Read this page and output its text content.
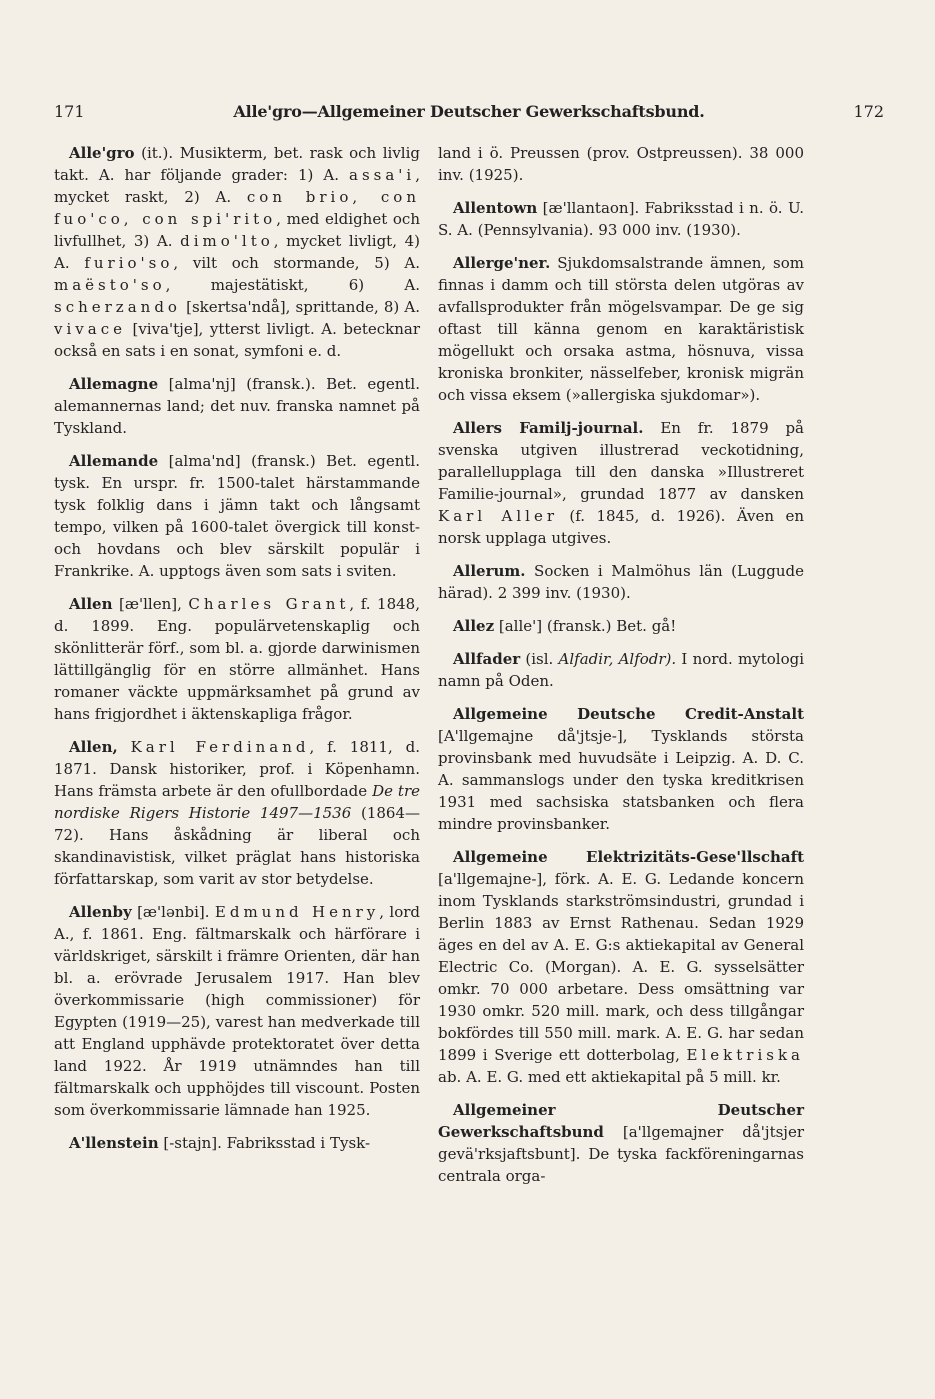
171	Alle'gro—Allgemeiner Deutscher Gewerkschaftsbund.	172

Alle'gro (it.). Musikterm, bet. rask och livlig takt. A. har följande grader: 1) A. assa'i, mycket raskt, 2) A. con brio, con fuo'co, con spi'rito, med eldighet och livfullhet, 3) A. dimo'lto, mycket livligt, 4) A. furio'so, vilt och stormande, 5) A. maësto'so, majestätiskt, 6) A. scherzando [skertsa'ndå], sprittande, 8) A. vivace [viva'tje], ytterst livligt. A. betecknar också en sats i en sonat, symfoni e. d.

Allemagne [alma'nj] (fransk.). Bet. egentl. alemannernas land; det nuv. franska namnet på Tyskland.

Allemande [alma'nd] (fransk.) Bet. egentl. tysk. En urspr. fr. 1500-talet härstammande tysk folklig dans i jämn takt och långsamt tempo, vilken på 1600-talet övergick till konst- och hovdans och blev särskilt populär i Frankrike. A. upptogs även som sats i sviten.

Allen [æ'llen], Charles Grant, f. 1848, d. 1899. Eng. populärvetenskaplig och skönlitterär förf., som bl. a. gjorde darwinismen lättillgänglig för en större allmänhet. Hans romaner väckte uppmärksamhet på grund av hans frigjordhet i äktenskapliga frågor.

Allen, Karl Ferdinand, f. 1811, d. 1871. Dansk historiker, prof. i Köpenhamn. Hans främsta arbete är den ofullbordade De tre nordiske Rigers Historie 1497—1536 (1864—72). Hans åskådning är liberal och skandinavistisk, vilket präglat hans historiska författarskap, som varit av stor betydelse.

Allenby [æ'lənbi]. Edmund Henry, lord A., f. 1861. Eng. fältmarskalk och härförare i världskriget, särskilt i främre Orienten, där han bl. a. erövrade Jerusalem 1917. Han blev överkommissarie (high commissioner) för Egypten (1919—25), varest han medverkade till att England upphävde protektoratet över detta land 1922. År 1919 utnämndes han till fältmarskalk och upphöjdes till viscount. Posten som överkommissarie lämnade han 1925.

A'llenstein [-stajn]. Fabriksstad i Tysk-

land i ö. Preussen (prov. Ostpreussen). 38 000 inv. (1925).

Allentown [æ'llantaon]. Fabriksstad i n. ö. U. S. A. (Pennsylvania). 93 000 inv. (1930).

Allerge'ner. Sjukdomsalstrande ämnen, som finnas i damm och till största delen utgöras av avfallsprodukter från mögelsvampar. De ge sig oftast till känna genom en karaktäristisk mögellukt och orsaka astma, hösnuva, vissa kroniska bronkiter, nässelfeber, kronisk migrän och vissa eksem (»allergiska sjukdomar»).

Allers Familj-journal. En fr. 1879 på svenska utgiven illustrerad veckotidning, parallellupplaga till den danska »Illustreret Familie-journal», grundad 1877 av dansken Karl Aller (f. 1845, d. 1926). Även en norsk upplaga utgives.

Allerum. Socken i Malmöhus län (Luggude härad). 2 399 inv. (1930).

Allez [alle'] (fransk.) Bet. gå!

Allfader (isl. Alfadir, Alfodr). I nord. mytologi namn på Oden.

Allgemeine Deutsche Credit-Anstalt [A'llgemajne då'jtsje-], Tysklands största provinsbank med huvudsäte i Leipzig. A. D. C. A. sammanslogs under den tyska kreditkrisen 1931 med sachsiska statsbanken och flera mindre provinsbanker.

Allgemeine Elektrizitäts-Gese'llschaft [a'llgemajne-], förk. A. E. G. Ledande koncern inom Tysklands starkströmsindustri, grundad i Berlin 1883 av Ernst Rathenau. Sedan 1929 äges en del av A. E. G:s aktiekapital av General Electric Co. (Morgan). A. E. G. sysselsätter omkr. 70 000 arbetare. Dess omsättning var 1930 omkr. 520 mill. mark, och dess tillgångar bokfördes till 550 mill. mark. A. E. G. har sedan 1899 i Sverige ett dotterbolag, Elektriska ab. A. E. G. med ett aktiekapital på 5 mill. kr.

Allgemeiner Deutscher Gewerkschaftsbund [a'llgemajner då'jtsjer gevä'rksjaftsbunt]. De tyska fackföreningarnas centrala orga-
